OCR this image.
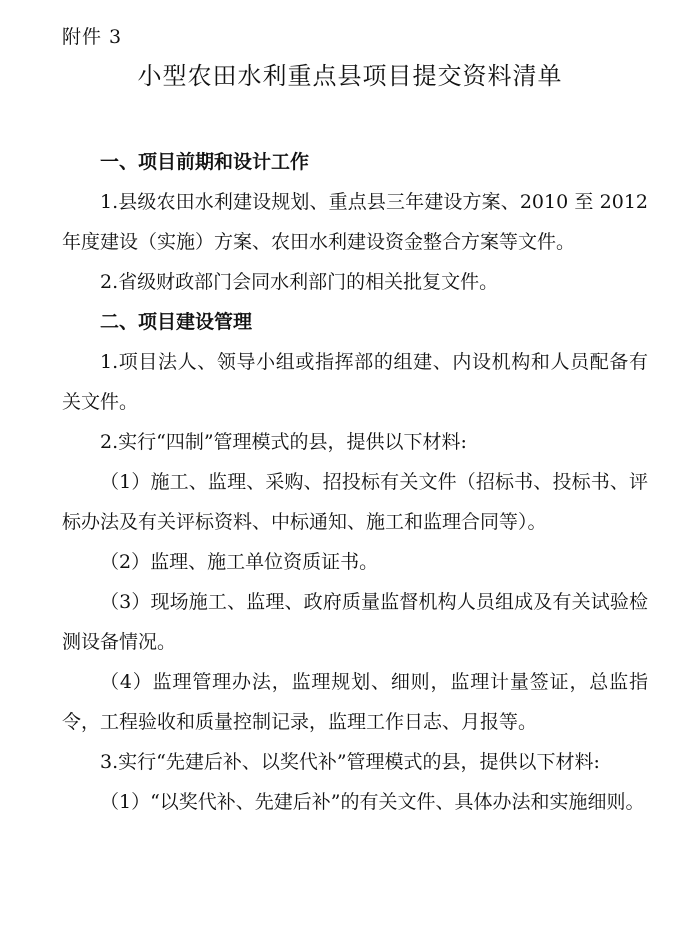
附件 3
小型农田水利重点县项目提交资料清单
一、项目前期和设计工作

1.县级农田水利建设规划、重点县三年建设方案、2010 至 2012 年度建设（实施）方案、农田水利建设资金整合方案等文件。

2.省级财政部门会同水利部门的相关批复文件。

二、项目建设管理

1.项目法人、领导小组或指挥部的组建、内设机构和人员配备有关文件。

2.实行“四制”管理模式的县，提供以下材料:

（1）施工、监理、采购、招投标有关文件（招标书、投标书、评标办法及有关评标资料、中标通知、施工和监理合同等）。

（2）监理、施工单位资质证书。

（3）现场施工、监理、政府质量监督机构人员组成及有关试验检测设备情况。

（4）监理管理办法，监理规划、细则，监理计量签证，总监指令，工程验收和质量控制记录，监理工作日志、月报等。

3.实行“先建后补、以奖代补”管理模式的县，提供以下材料:

（1）“以奖代补、先建后补”的有关文件、具体办法和实施细则。
